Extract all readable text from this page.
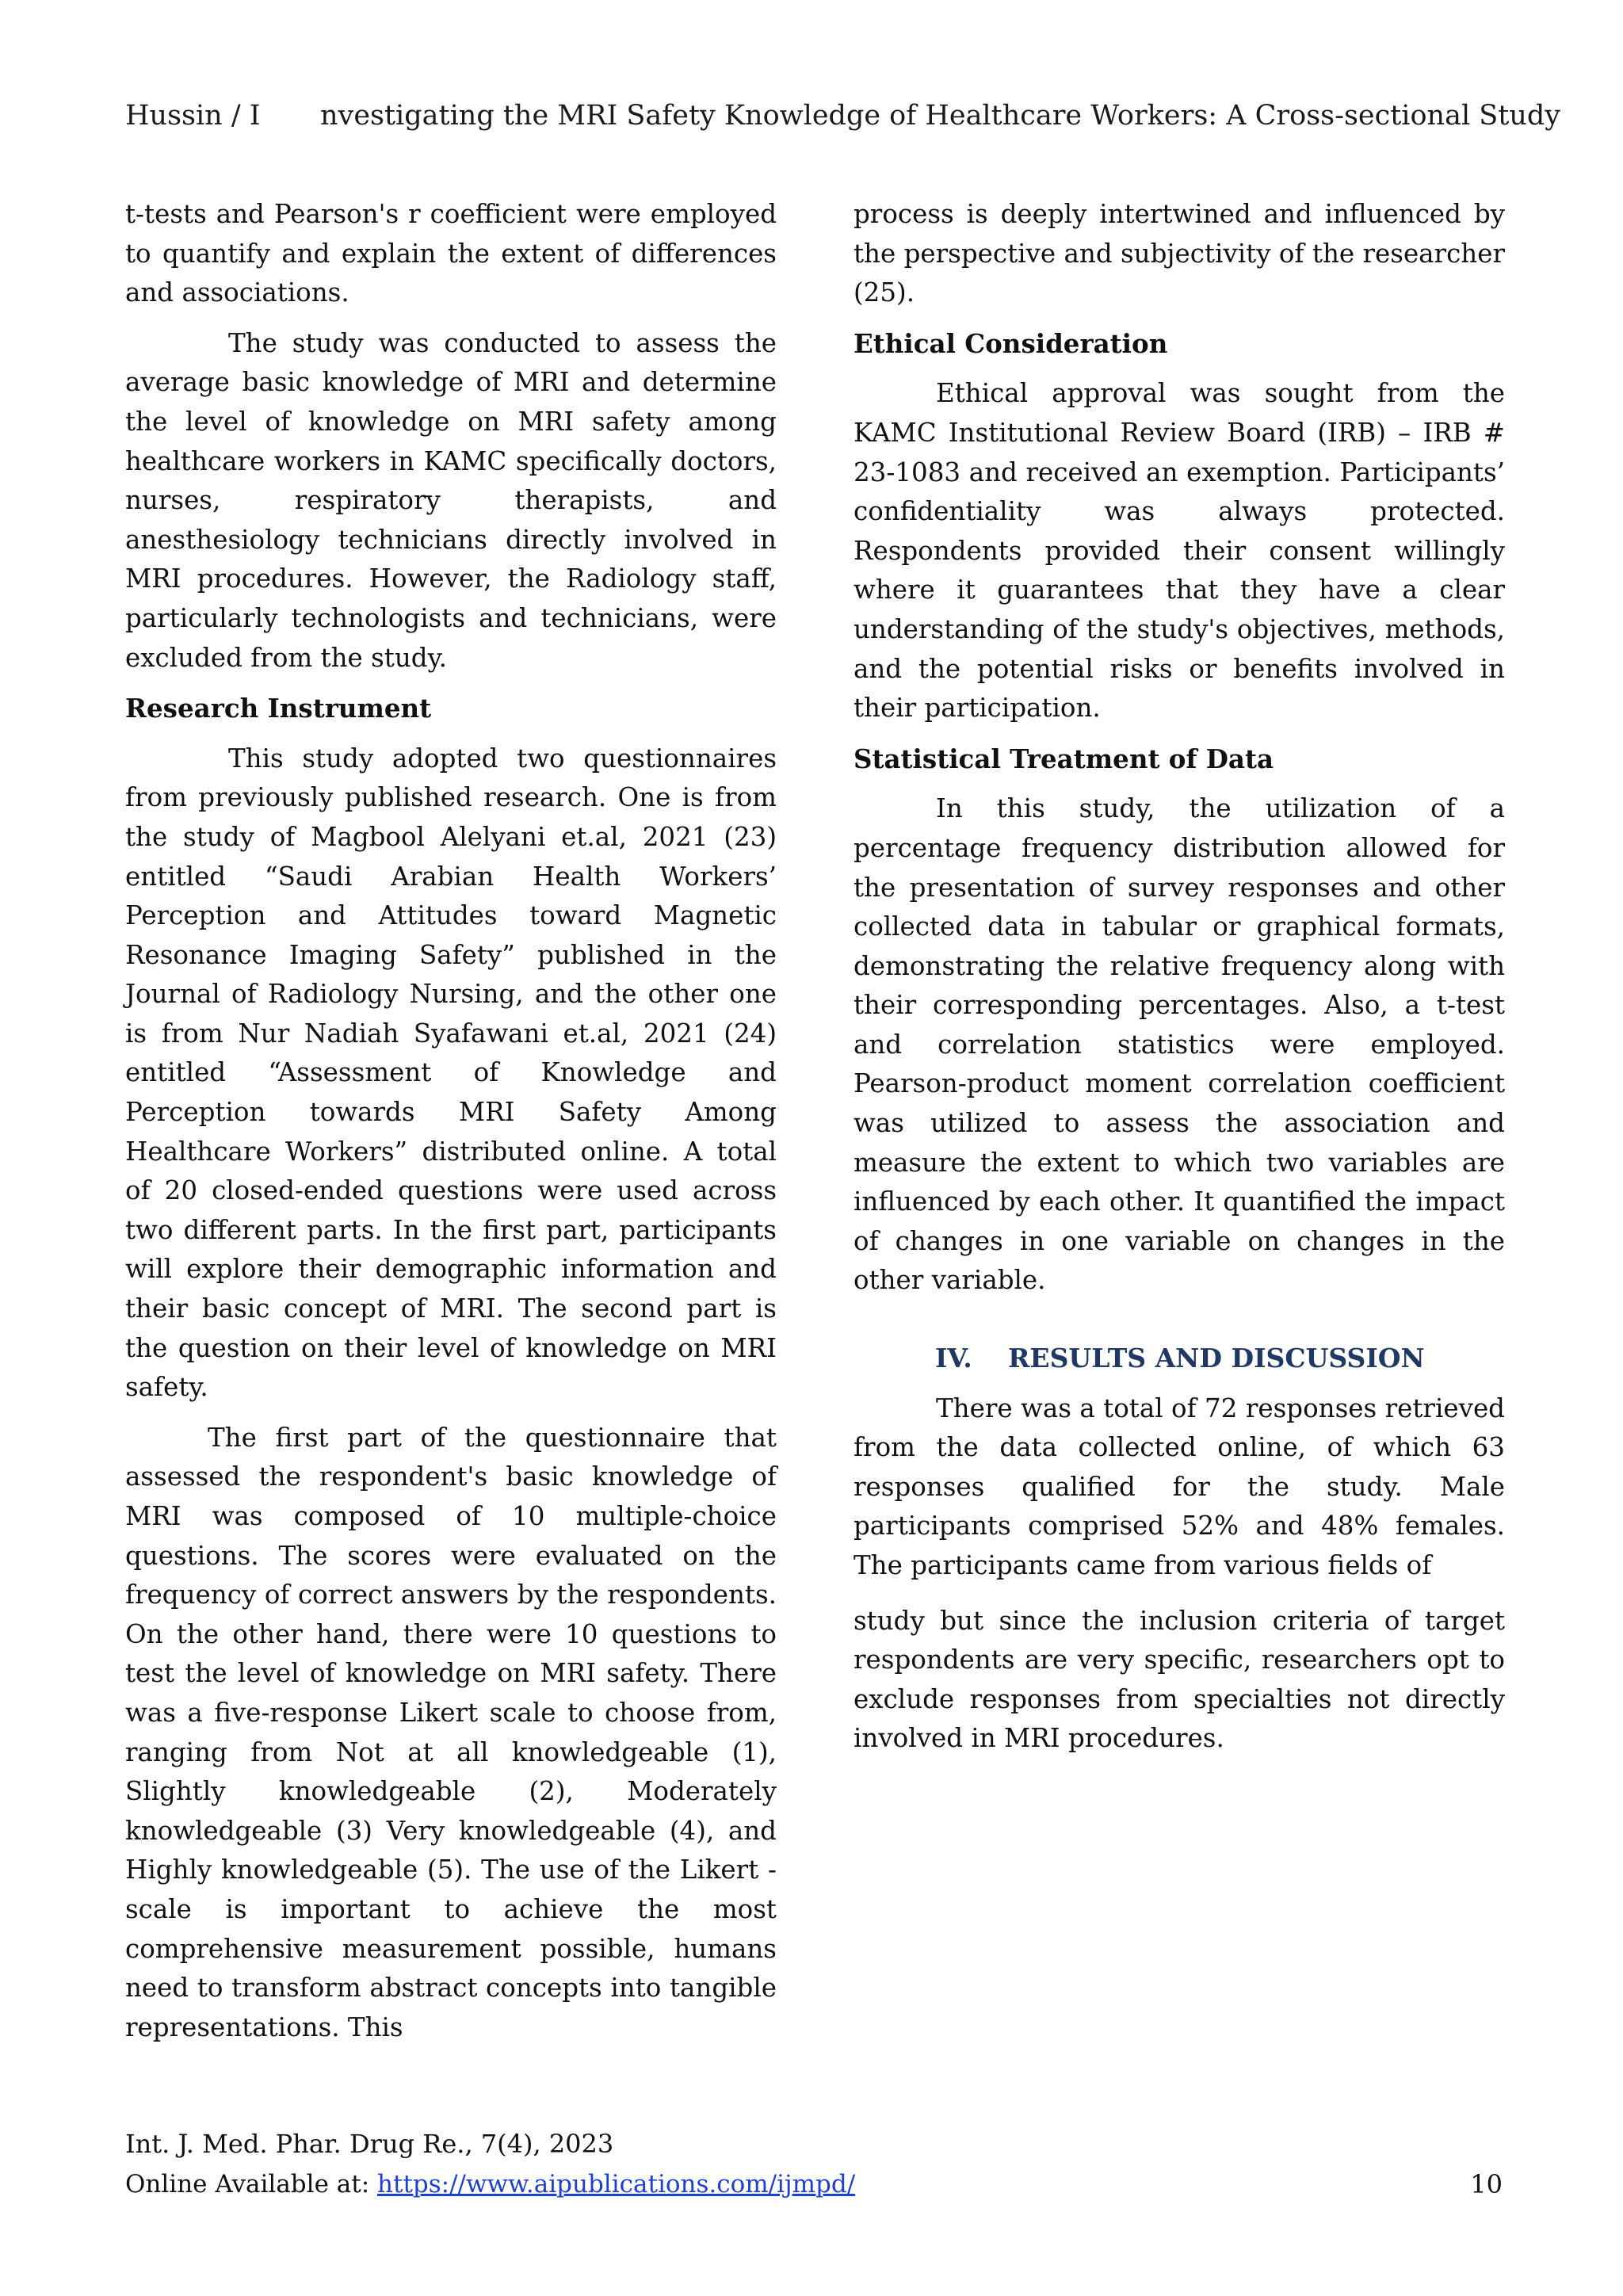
Hussin / I nvestigating the MRI Safety Knowledge of Healthcare Workers: A Cross-sectional Study

t-tests and Pearson's r coefficient were employed to quantify and explain the extent of differences and associations.

The study was conducted to assess the average basic knowledge of MRI and determine the level of knowledge on MRI safety among healthcare workers in KAMC specifically doctors, nurses, respiratory therapists, and anesthesiology technicians directly involved in MRI procedures. However, the Radiology staff, particularly technologists and technicians, were excluded from the study.

Research Instrument

This study adopted two questionnaires from previously published research. One is from the study of Magbool Alelyani et.al, 2021 (23) entitled “Saudi Arabian Health Workers’ Perception and Attitudes toward Magnetic Resonance Imaging Safety” published in the Journal of Radiology Nursing, and the other one is from Nur Nadiah Syafawani et.al, 2021 (24) entitled “Assessment of Knowledge and Perception towards MRI Safety Among Healthcare Workers” distributed online. A total of 20 closed-ended questions were used across two different parts. In the first part, participants will explore their demographic information and their basic concept of MRI. The second part is the question on their level of knowledge on MRI safety.

The first part of the questionnaire that assessed the respondent's basic knowledge of MRI was composed of 10 multiple-choice questions. The scores were evaluated on the frequency of correct answers by the respondents. On the other hand, there were 10 questions to test the level of knowledge on MRI safety. There was a five-response Likert scale to choose from, ranging from Not at all knowledgeable (1), Slightly knowledgeable (2), Moderately knowledgeable (3) Very knowledgeable (4), and Highly knowledgeable (5). The use of the Likert -scale is important to achieve the most comprehensive measurement possible, humans need to transform abstract concepts into tangible representations. This

process is deeply intertwined and influenced by the perspective and subjectivity of the researcher (25).

Ethical Consideration

Ethical approval was sought from the KAMC Institutional Review Board (IRB) – IRB # 23-1083 and received an exemption. Participants’ confidentiality was always protected. Respondents provided their consent willingly where it guarantees that they have a clear understanding of the study's objectives, methods, and the potential risks or benefits involved in their participation.

Statistical Treatment of Data

In this study, the utilization of a percentage frequency distribution allowed for the presentation of survey responses and other collected data in tabular or graphical formats, demonstrating the relative frequency along with their corresponding percentages. Also, a t-test and correlation statistics were employed. Pearson-product moment correlation coefficient was utilized to assess the association and measure the extent to which two variables are influenced by each other. It quantified the impact of changes in one variable on changes in the other variable.

IV. RESULTS AND DISCUSSION

There was a total of 72 responses retrieved from the data collected online, of which 63 responses qualified for the study. Male participants comprised 52% and 48% females. The participants came from various fields of

study but since the inclusion criteria of target respondents are very specific, researchers opt to exclude responses from specialties not directly involved in MRI procedures.

Int. J. Med. Phar. Drug Re., 7(4), 2023
Online Available at: https://www.aipublications.com/ijmpd/	10
